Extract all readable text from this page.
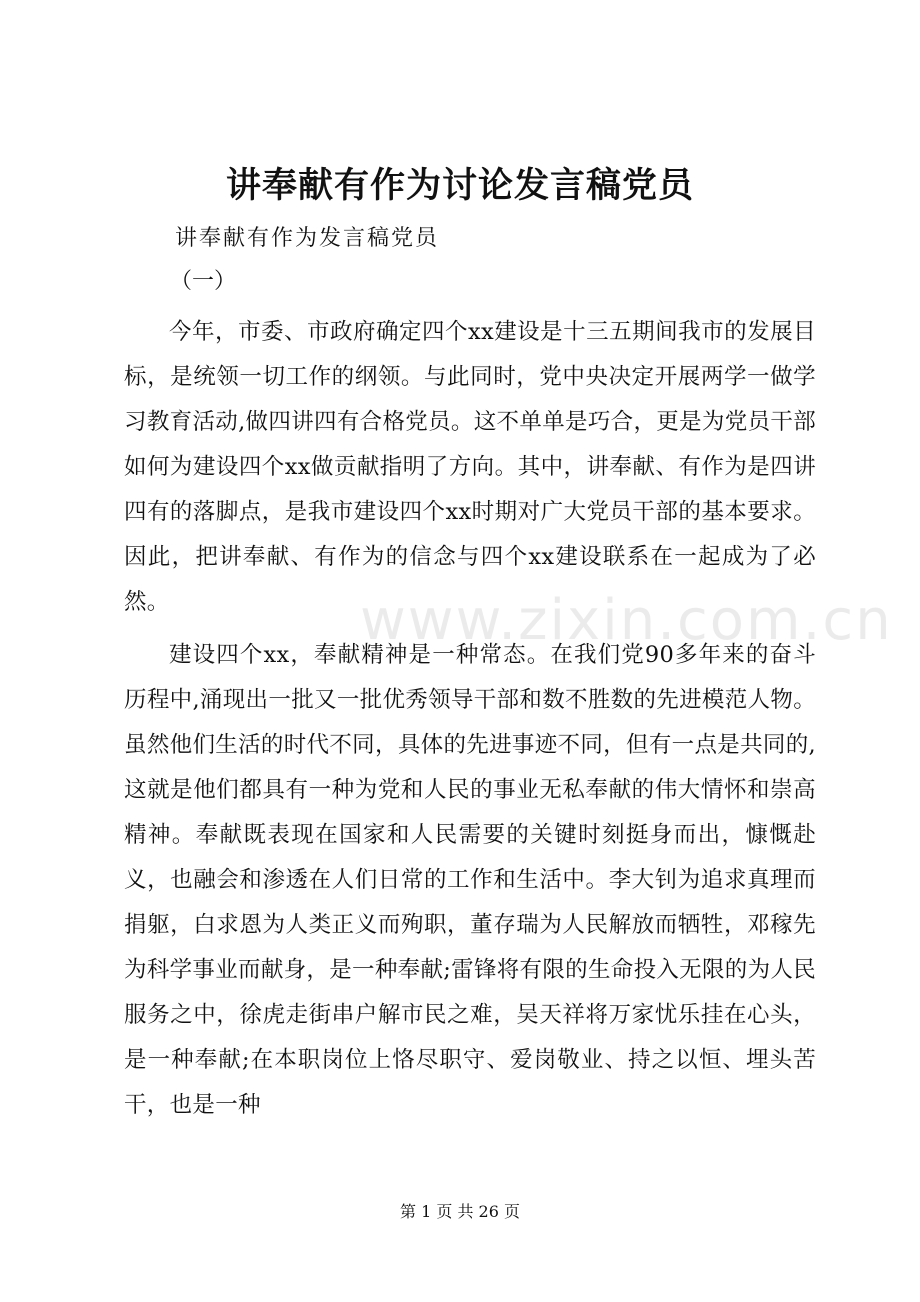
讲奉献有作为讨论发言稿党员

讲奉献有作为发言稿党员

（一）

今年，市委、市政府确定四个xx建设是十三五期间我市的发展目标，是统领一切工作的纲领。与此同时，党中央决定开展两学一做学习教育活动,做四讲四有合格党员。这不单单是巧合，更是为党员干部如何为建设四个xx做贡献指明了方向。其中，讲奉献、有作为是四讲四有的落脚点，是我市建设四个xx时期对广大党员干部的基本要求。因此，把讲奉献、有作为的信念与四个xx建设联系在一起成为了必然。

建设四个xx，奉献精神是一种常态。在我们党90多年来的奋斗历程中,涌现出一批又一批优秀领导干部和数不胜数的先进模范人物。虽然他们生活的时代不同，具体的先进事迹不同，但有一点是共同的,这就是他们都具有一种为党和人民的事业无私奉献的伟大情怀和崇高精神。奉献既表现在国家和人民需要的关键时刻挺身而出，慷慨赴义，也融会和渗透在人们日常的工作和生活中。李大钊为追求真理而捐躯，白求恩为人类正义而殉职，董存瑞为人民解放而牺牲，邓稼先为科学事业而献身，是一种奉献;雷锋将有限的生命投入无限的为人民服务之中，徐虎走街串户解市民之难，吴天祥将万家忧乐挂在心头，是一种奉献;在本职岗位上恪尽职守、爱岗敬业、持之以恒、埋头苦干，也是一种

www.zixin.com.cn
第 1 页 共 26 页
